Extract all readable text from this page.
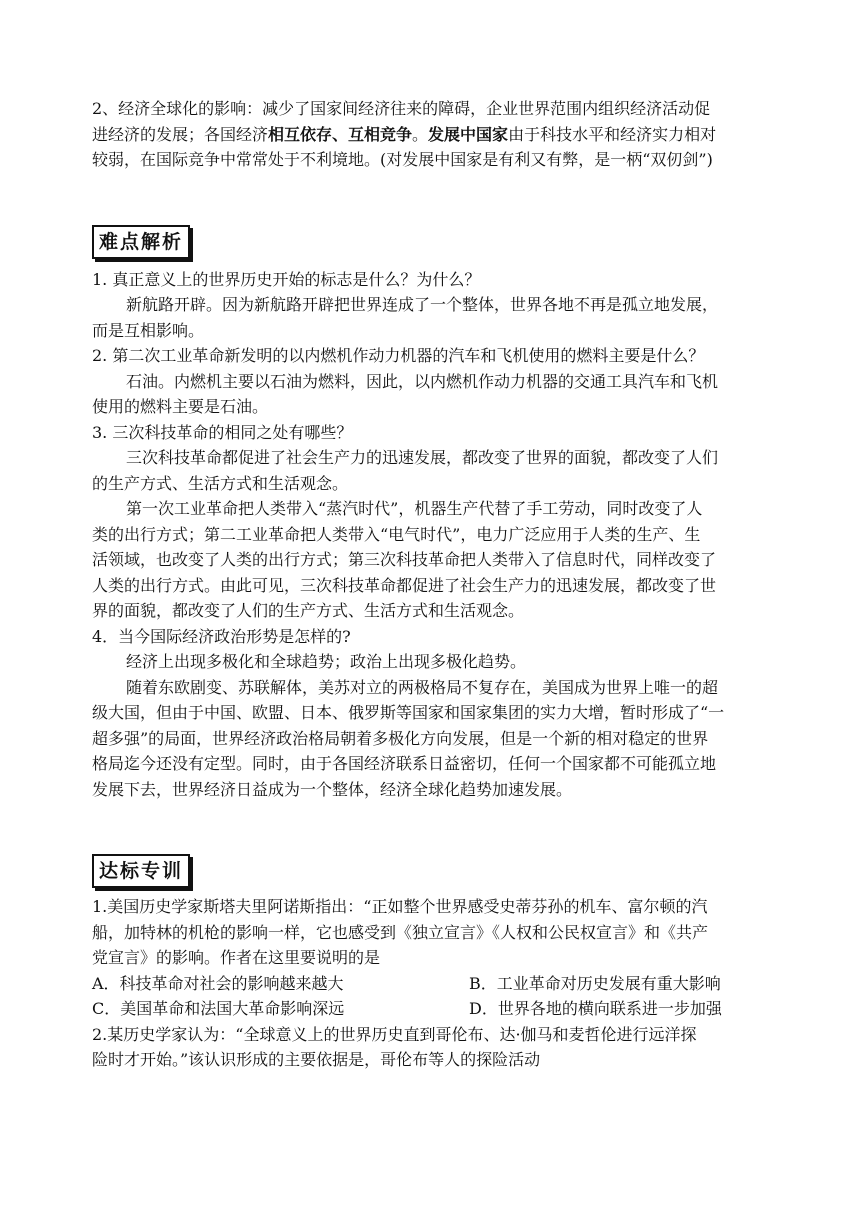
2、经济全球化的影响：减少了国家间经济往来的障碍，企业世界范围内组织经济活动促
进经济的发展；各国经济相互依存、互相竞争。发展中国家由于科技水平和经济实力相对
较弱，在国际竞争中常常处于不利境地。(对发展中国家是有利又有弊，是一柄“双仞剑”)
难点解析
1. 真正意义上的世界历史开始的标志是什么？为什么？
新航路开辟。因为新航路开辟把世界连成了一个整体，世界各地不再是孤立地发展，
而是互相影响。
2. 第二次工业革命新发明的以内燃机作动力机器的汽车和飞机使用的燃料主要是什么？
石油。内燃机主要以石油为燃料，因此，以内燃机作动力机器的交通工具汽车和飞机
使用的燃料主要是石油。
3. 三次科技革命的相同之处有哪些？
三次科技革命都促进了社会生产力的迅速发展，都改变了世界的面貌，都改变了人们
的生产方式、生活方式和生活观念。
第一次工业革命把人类带入“蒸汽时代”，机器生产代替了手工劳动，同时改变了人
类的出行方式；第二工业革命把人类带入“电气时代”，电力广泛应用于人类的生产、生
活领域，也改变了人类的出行方式；第三次科技革命把人类带入了信息时代，同样改变了
人类的出行方式。由此可见，三次科技革命都促进了社会生产力的迅速发展，都改变了世
界的面貌，都改变了人们的生产方式、生活方式和生活观念。
4．当今国际经济政治形势是怎样的?
经济上出现多极化和全球趋势；政治上出现多极化趋势。
随着东欧剧变、苏联解体，美苏对立的两极格局不复存在，美国成为世界上唯一的超
级大国，但由于中国、欧盟、日本、俄罗斯等国家和国家集团的实力大增，暂时形成了“一
超多强”的局面，世界经济政治格局朝着多极化方向发展，但是一个新的相对稳定的世界
格局迄今还没有定型。同时，由于各国经济联系日益密切，任何一个国家都不可能孤立地
发展下去，世界经济日益成为一个整体，经济全球化趋势加速发展。
达标专训
1.美国历史学家斯塔夫里阿诺斯指出：“正如整个世界感受史蒂芬孙的机车、富尔顿的汽
船，加特林的机枪的影响一样，它也感受到《独立宣言》《人权和公民权宣言》和《共产
党宣言》的影响。作者在这里要说明的是
A．科技革命对社会的影响越来越大	B．工业革命对历史发展有重大影响
C．美国革命和法国大革命影响深远	D．世界各地的横向联系进一步加强
2.某历史学家认为：“全球意义上的世界历史直到哥伦布、达·伽马和麦哲伦进行远洋探
险时才开始。”该认识形成的主要依据是，哥伦布等人的探险活动
